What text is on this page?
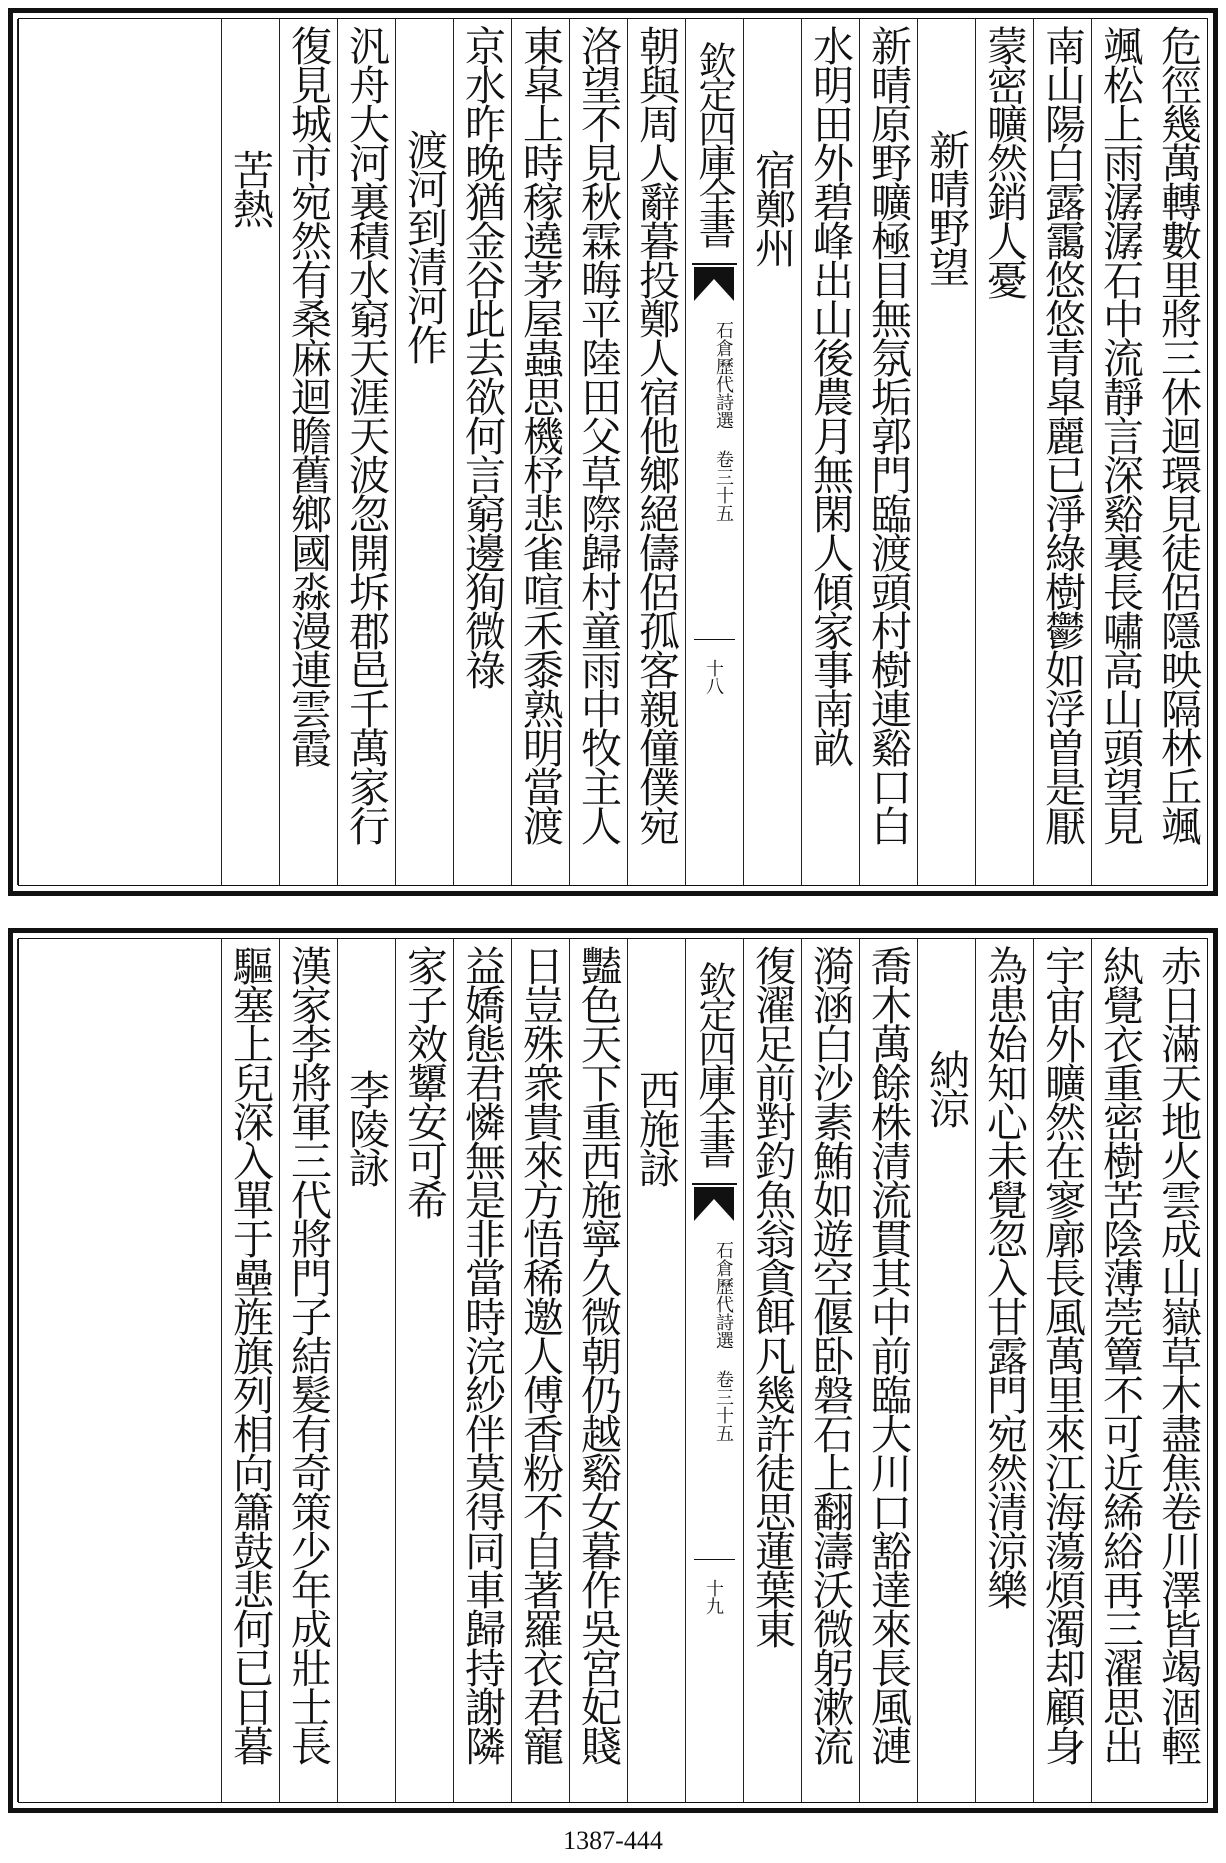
危徑幾萬轉數里將三休迴環見徒侶隱映隔林丘颯
颯松上雨潺潺石中流靜言深谿裏長嘯高山頭望見
南山陽白露靄悠悠青皐麗已淨綠樹鬱如浮曽是厭
蒙密曠然銷人憂
新晴野望
新晴原野曠極目無氛垢郭門臨渡頭村樹連谿口白
水明田外碧峰出山後農月無閑人傾家事南畝
宿鄭州
欽定四庫全書
石倉歷代詩選 卷三十五
十八
朝與周人辭暮投鄭人宿他鄉絕儔侶孤客親僮僕宛
洛望不見秋霖晦平陸田父草際歸村童雨中牧主人
東皐上時稼遶茅屋蟲思機杼悲雀喧禾黍熟明當渡
京水昨晚猶金谷此去欲何言窮邊狥微祿
渡河到清河作
汎舟大河裏積水窮天涯天波忽開坼郡邑千萬家行
復見城市宛然有桑麻迴瞻舊鄉國淼漫連雲霞
苦熱
赤日滿天地火雲成山嶽草木盡焦卷川澤皆竭涸輕
紈覺衣重密樹苦陰薄莞簟不可近絺綌再三濯思出
宇宙外曠然在寥廓長風萬里來江海蕩煩濁却顧身
為患始知心未覺忽入甘露門宛然清涼樂
納涼
喬木萬餘株清流貫其中前臨大川口豁達來長風漣
漪涵白沙素鮪如遊空偃卧磐石上翻濤沃微躬漱流
復濯足前對釣魚翁貪餌凡幾許徒思蓮葉東
欽定四庫全書
石倉歷代詩選 卷三十五
十九
西施詠
豔色天下重西施寧久微朝仍越谿女暮作吳宮妃賤
日豈殊衆貴來方悟稀邀人傅香粉不自著羅衣君寵
益嬌態君憐無是非當時浣紗伴莫得同車歸持謝隣
家子效顰安可希
李陵詠
漢家李將軍三代將門子結髮有奇策少年成壯士長
驅塞上兒深入單于壘旌旗列相向簫鼓悲何已日暮
1387-444
